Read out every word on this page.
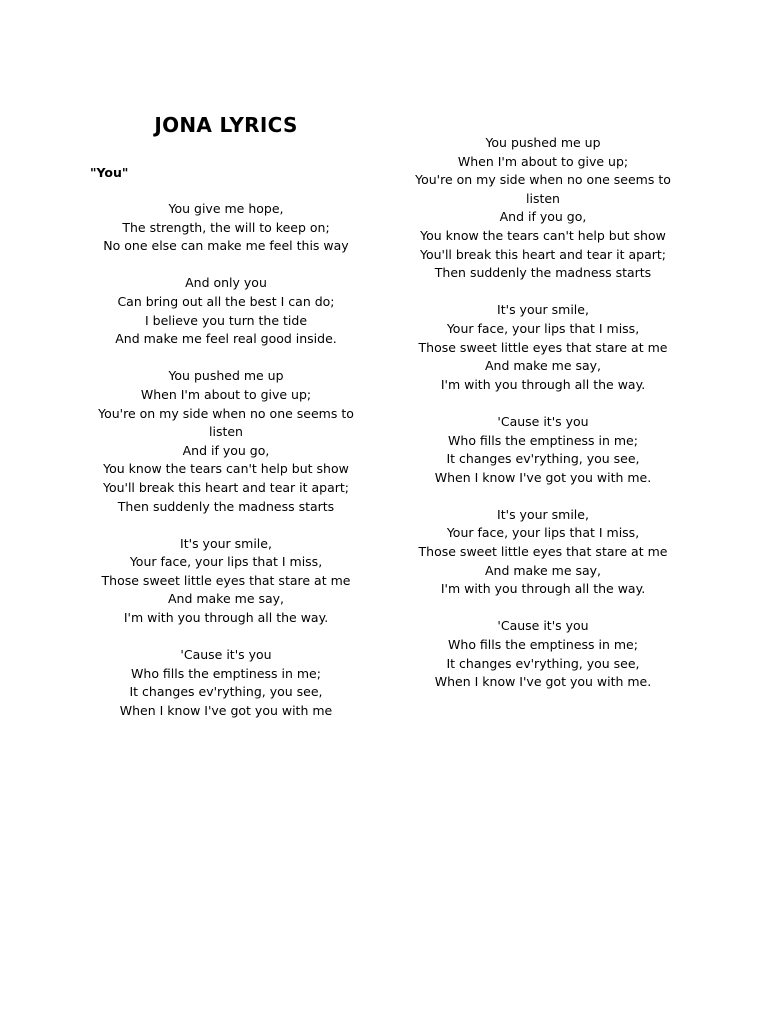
JONA LYRICS
"You"
You give me hope,
The strength, the will to keep on;
No one else can make me feel this way
And only you
Can bring out all the best I can do;
I believe you turn the tide
And make me feel real good inside.
You pushed me up
When I'm about to give up;
You're on my side when no one seems to listen
And if you go,
You know the tears can't help but show
You'll break this heart and tear it apart;
Then suddenly the madness starts
It's your smile,
Your face, your lips that I miss,
Those sweet little eyes that stare at me
And make me say,
I'm with you through all the way.
'Cause it's you
Who fills the emptiness in me;
It changes ev'rything, you see,
When I know I've got you with me
You pushed me up
When I'm about to give up;
You're on my side when no one seems to listen
And if you go,
You know the tears can't help but show
You'll break this heart and tear it apart;
Then suddenly the madness starts
It's your smile,
Your face, your lips that I miss,
Those sweet little eyes that stare at me
And make me say,
I'm with you through all the way.
'Cause it's you
Who fills the emptiness in me;
It changes ev'rything, you see,
When I know I've got you with me.
It's your smile,
Your face, your lips that I miss,
Those sweet little eyes that stare at me
And make me say,
I'm with you through all the way.
'Cause it's you
Who fills the emptiness in me;
It changes ev'rything, you see,
When I know I've got you with me.
